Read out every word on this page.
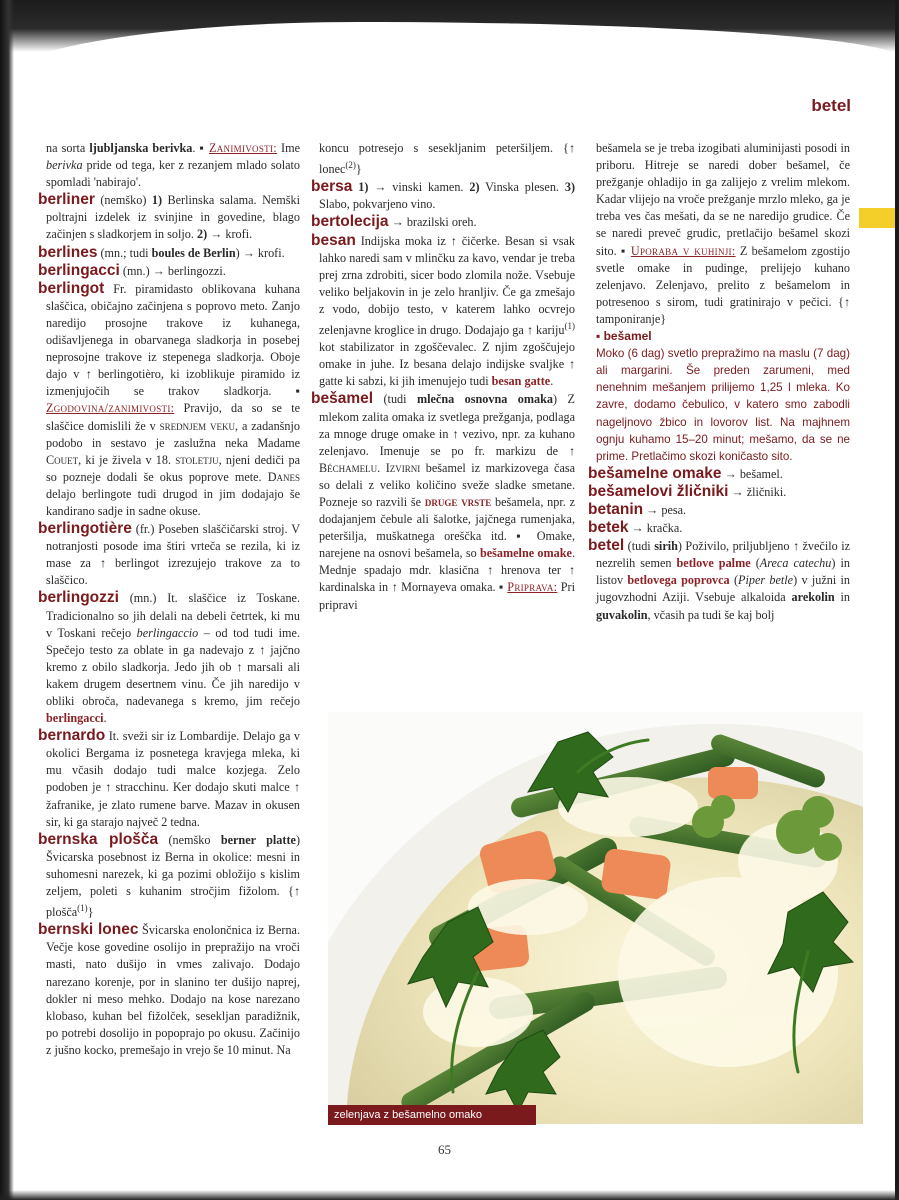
betel

na sorta ljubljanska berivka. ▪ Zanimivosti: Ime berivka pride od tega, ker z rezanjem mlado solato spomladi 'nabirajo'.

berliner (nemško) 1) Berlinska salama. Nemški poltrajni izdelek iz svinjine in govedine, blago začinjen s sladkorjem in soljo. 2) → krofi.

berlines (mn.; tudi boules de Berlin) → krofi.

berlingacci (mn.) → berlingozzi.

berlingot Fr. piramidasto oblikovana kuhana slaščica, običajno začinjena s poprovo meto. Zanjo naredijo prosojne trakove iz kuhanega, odišavljenega in obarvanega sladkorja in posebej neprosojne trakove iz stepenega sladkorja. Oboje dajo v ↑ berlingotièro, ki izoblikuje piramido iz izmenjujočih se trakov sladkorja. ▪ Zgodovina/zanimivosti: Pravijo, da so se te slaščice domislili že v srednjem veku, a zadanšnjo podobo in sestavo je zaslužna neka Madame Couet, ki je živela v 18. stoletju, njeni dediči pa so pozneje dodali še okus poprove mete. Danes delajo berlingote tudi drugod in jim dodajajo še kandirano sadje in sadne okuse.

berlingotière (fr.) Poseben slaščičarski stroj. V notranjosti posode ima štiri vrteča se rezila, ki iz mase za ↑ berlingot izrezujejo trakove za to slaščico.

berlingozzi (mn.) It. slaščice iz Toskane. Tradicionalno so jih delali na debeli četrtek, ki mu v Toskani rečejo berlingaccio – od tod tudi ime. Spečejo testo za oblate in ga nadevajo z ↑ jajčno kremo z obilo sladkorja. Jedo jih ob ↑ marsali ali kakem drugem desertnem vinu. Če jih naredijo v obliki obroča, nadevanega s kremo, jim rečejo berlingacci.

bernardo It. sveži sir iz Lombardije. Delajo ga v okolici Bergama iz posnetega kravjega mleka, ki mu včasih dodajo tudi malce kozjega. Zelo podoben je ↑ stracchinu. Ker dodajo skuti malce ↑ žafranike, je zlato rumene barve. Mazav in okusen sir, ki ga starajo največ 2 tedna.

bernska plošča (nemško berner platte) Švicarska posebnost iz Berna in okolice: mesni in suhomesni narezek, ki ga pozimi obložijo s kislim zeljem, poleti s kuhanim stročjim fižolom. {↑ plošča$^{(1)}$}

bernski lonec Švicarska enolončnica iz Berna. Večje kose govedine osolijo in prepražijo na vroči masti, nato dušijo in vmes zalivajo. Dodajo narezano korenje, por in slanino ter dušijo naprej, dokler ni meso mehko. Dodajo na kose narezano klobaso, kuhan bel fižolček, sesekljan paradižnik, po potrebi dosolijo in popoprajo po okusu. Začinijo z jušno kocko, premešajo in vrejo še 10 minut. Na

koncu potresejo s sesekljanim peteršiljem. {↑ lonec$^{(2)}$}

bersa 1) → vinski kamen. 2) Vinska plesen. 3) Slabo, pokvarjeno vino.

bertolecija → brazilski oreh.

besan Indijska moka iz ↑ čičerke. Besan si vsak lahko naredi sam v mlinčku za kavo, vendar je treba prej zrna zdrobiti, sicer bodo zlomila nože. Vsebuje veliko beljakovin in je zelo hranljiv. Če ga zmešajo z vodo, dobijo testo, v katerem lahko ocvrejo zelenjavne kroglice in drugo. Dodajajo ga ↑ kariju$^{(1)}$ kot stabilizator in zgoščevalec. Z njim zgoščujejo omake in juhe. Iz besana delajo indijske svaljke ↑ gatte ki sabzi, ki jih imenujejo tudi besan gatte.

bešamel (tudi mlečna osnovna omaka) Z mlekom zalita omaka iz svetlega prežganja, podlaga za mnoge druge omake in ↑ vezivo, npr. za kuhano zelenjavo. Imenuje se po fr. markizu de ↑ Béchamelu. Izvirni bešamel iz markizovega časa so delali z veliko količino sveže sladke smetane. Pozneje so razvili še druge vrste bešamela, npr. z dodajanjem čebule ali šalotke, jajčnega rumenjaka, peteršilja, muškatnega oreščka itd. ▪ Omake, narejene na osnovi bešamela, so bešamelne omake. Mednje spadajo mdr. klasična ↑ hrenova ter ↑ kardinalska in ↑ Mornayeva omaka. ▪ Priprava: Pri pripravi

bešamela se je treba izogibati aluminijasti posodi in priboru. Hitreje se naredi dober bešamel, če prežganje ohladijo in ga zalijejo z vrelim mlekom. Kadar vlijejo na vroče prežganje mrzlo mleko, ga je treba ves čas mešati, da se ne naredijo grudice. Če se naredi preveč grudic, pretlačijo bešamel skozi sito. ▪ Uporaba v kuhinji: Z bešamelom zgostijo svetle omake in pudinge, prelijejo kuhano zelenjavo. Zelenjavo, prelito z bešamelom in potresenoo s sirom, tudi gratinirajo v pečici. {↑ tamponiranje}

▪ bešamel

Moko (6 dag) svetlo prepražimo na maslu (7 dag) ali margarini. Še preden zarumeni, med nenehnim mešanjem prilijemo 1,25 l mleka. Ko zavre, dodamo čebulico, v katero smo zabodli nageljnovo žbico in lovorov list. Na majhnem ognju kuhamo 15–20 minut; mešamo, da se ne prime. Pretlačimo skozi koničasto sito.

bešamelne omake → bešamel.

bešamelovi žličniki → žličniki.

betanin → pesa.

betek → kračka.

betel (tudi sirih) Poživilo, priljubljeno ↑ žvečilo iz nezrelih semen betlove palme (Areca catechu) in listov betlovega poprovca (Piper betle) v južni in jugovzhodni Aziji. Vsebuje alkaloida arekolin in guvakolin, včasih pa tudi še kaj bolj

zelenjava z bešamelno omako
65
